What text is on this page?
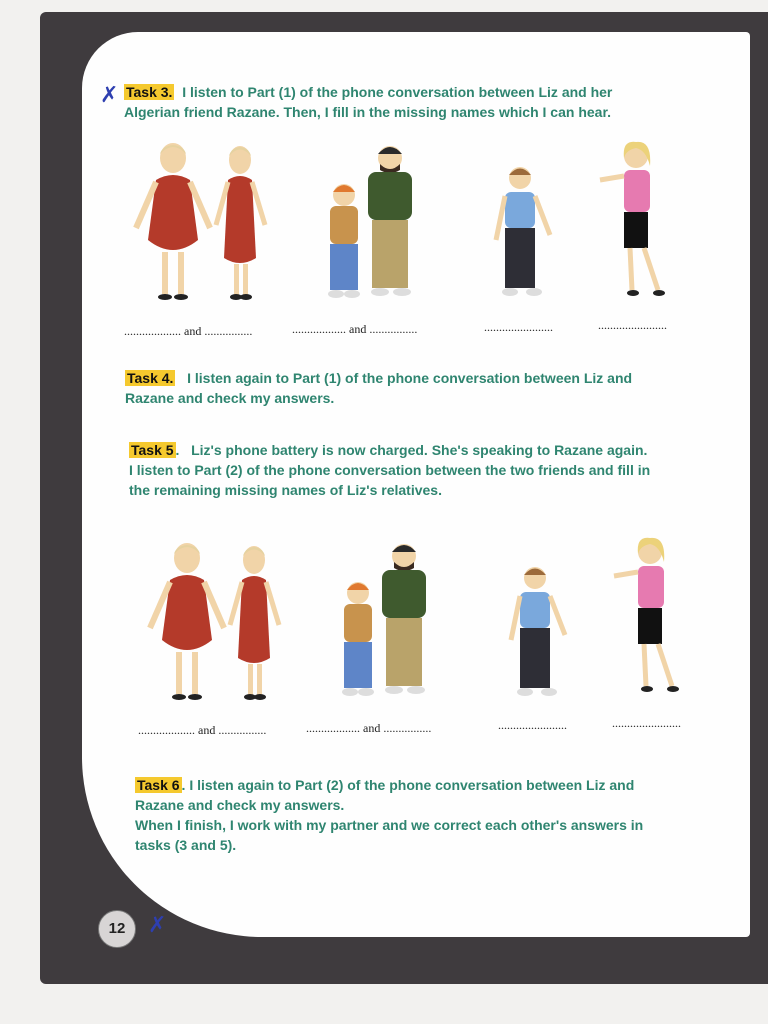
✗ Task 3. I listen to Part (1) of the phone conversation between Liz and her
Algerian friend Razane. Then, I fill in the missing names which I can hear.
................... and ................	.................. and ................	.......................	.......................
Task 4. I listen again to Part (1) of the phone conversation between Liz and
Razane and check my answers.
Task 5 . Liz's phone battery is now charged. She's speaking to Razane again.
I listen to Part (2) of the phone conversation between the two friends and fill in
the remaining missing names of Liz's relatives.
................... and ................	.................. and ................	.......................	.......................
Task 6 . I listen again to Part (2) of the phone conversation between Liz and
Razane and check my answers.
When I finish, I work with my partner and we correct each other's answers in
tasks (3 and 5).
12	✗
